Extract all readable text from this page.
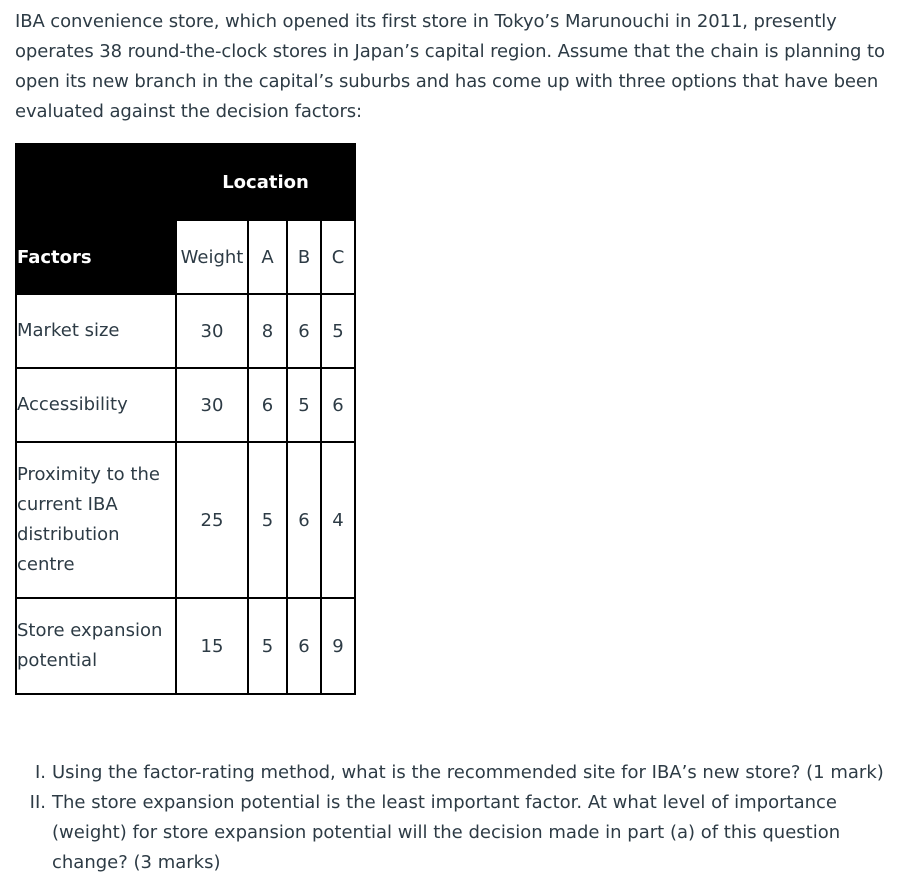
IBA convenience store, which opened its first store in Tokyo’s Marunouchi in 2011, presently operates 38 round-the-clock stores in Japan’s capital region. Assume that the chain is planning to open its new branch in the capital’s suburbs and has come up with three options that have been evaluated against the decision factors:

	Location			
Factors	Weight	A	B	C
Market size	30	8	6	5
Accessibility	30	6	5	6
Proximity to the current IBA distribution centre	25	5	6	4
Store expansion potential	15	5	6	9
I. Using the factor-rating method, what is the recommended site for IBA’s new store? (1 mark)
II. The store expansion potential is the least important factor. At what level of importance (weight) for store expansion potential will the decision made in part (a) of this question change? (3 marks)
